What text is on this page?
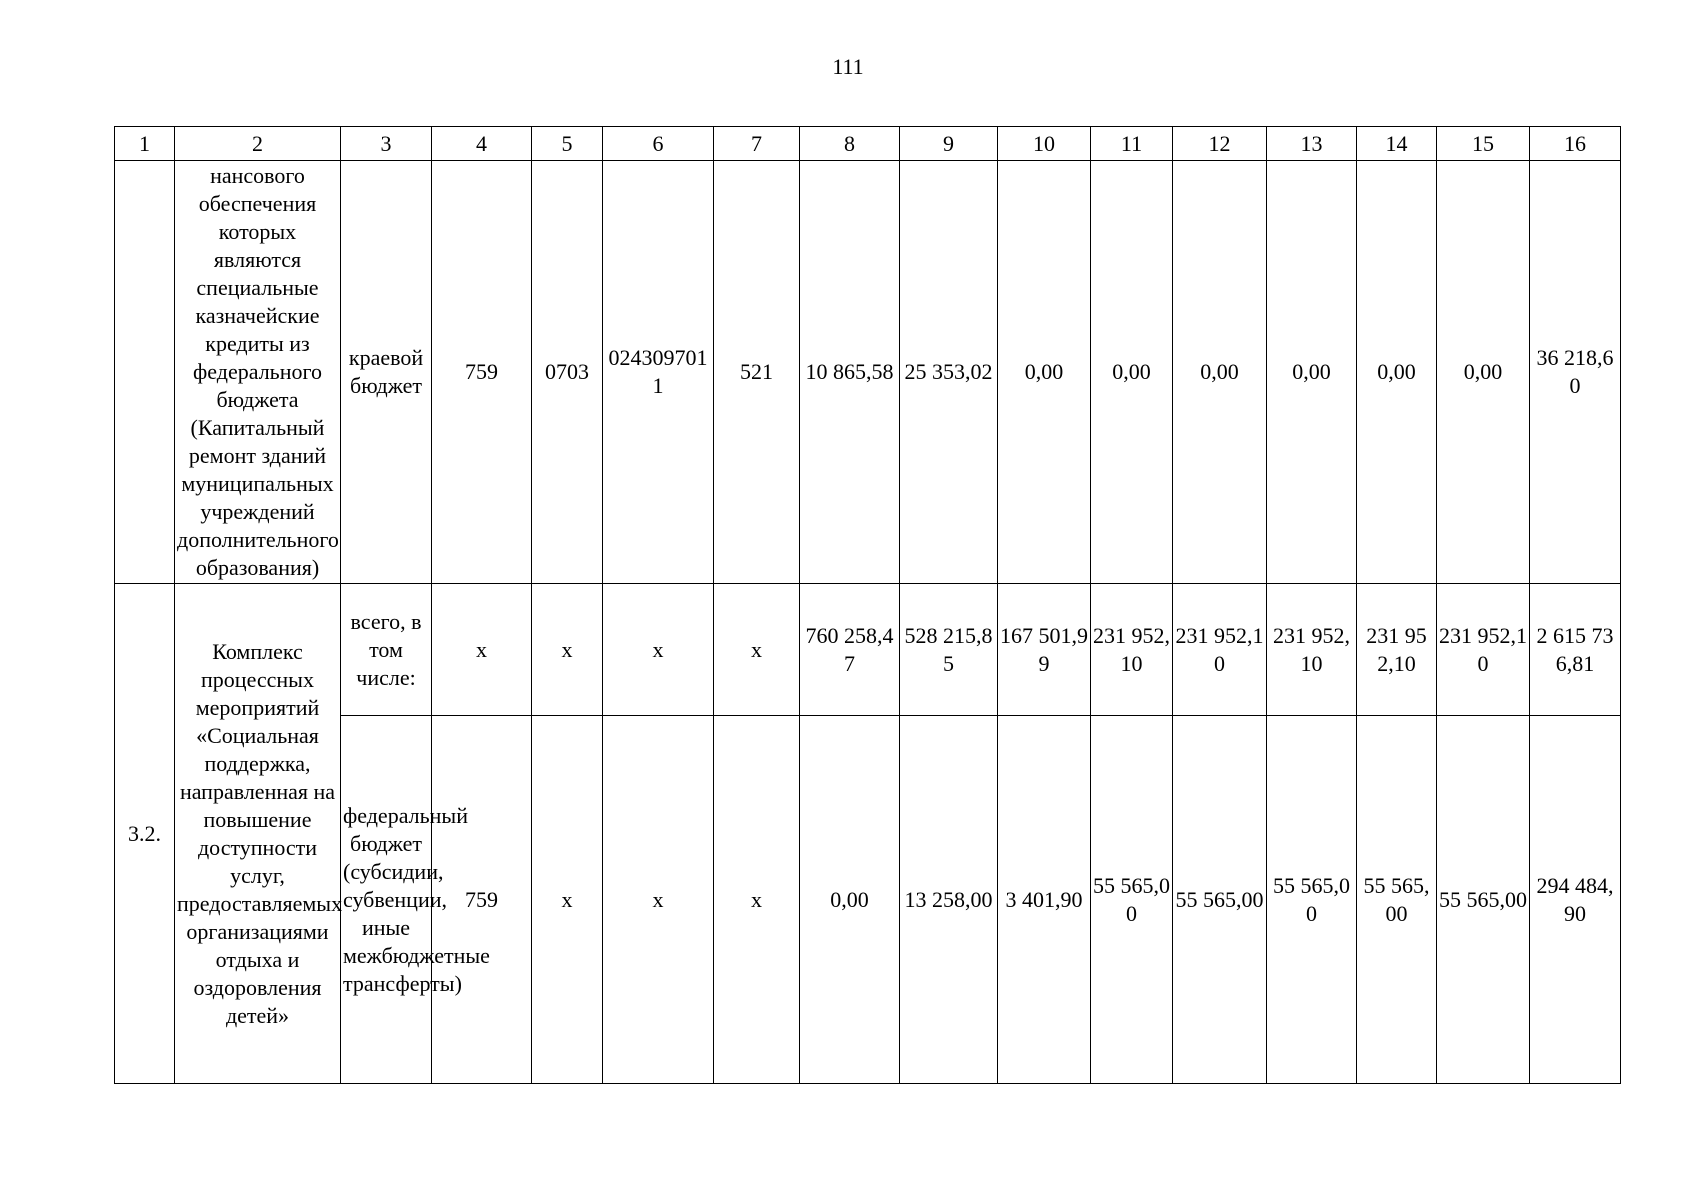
111
1	2	3	4	5	6	7	8	9	10	11	12	13	14	15	16
	нансового обеспечения которых являются специальные казначейские кредиты из федерального бюджета (Капитальный ремонт зданий муниципальных учреждений дополнительного образования)	краевой бюджет	759	0703	0243097011	521	10 865,58	25 353,02	0,00	0,00	0,00	0,00	0,00	0,00	36 218,60
3.2.	Комплекс процессных мероприятий «Социальная поддержка, направленная на повышение доступности услуг, предоставляемых организациями отдыха и оздоровления детей»	всего, в том числе:	x	x	x	x	760 258,47	528 215,85	167 501,99	231 952,10	231 952,10	231 952,10	231 952,10	231 952,10	2 615 736,81
		федеральный бюджет (субсидии, субвенции, иные межбюджетные трансферты)	759	x	x	x	0,00	13 258,00	3 401,90	55 565,00	55 565,00	55 565,00	55 565,00	55 565,00	294 484,90
